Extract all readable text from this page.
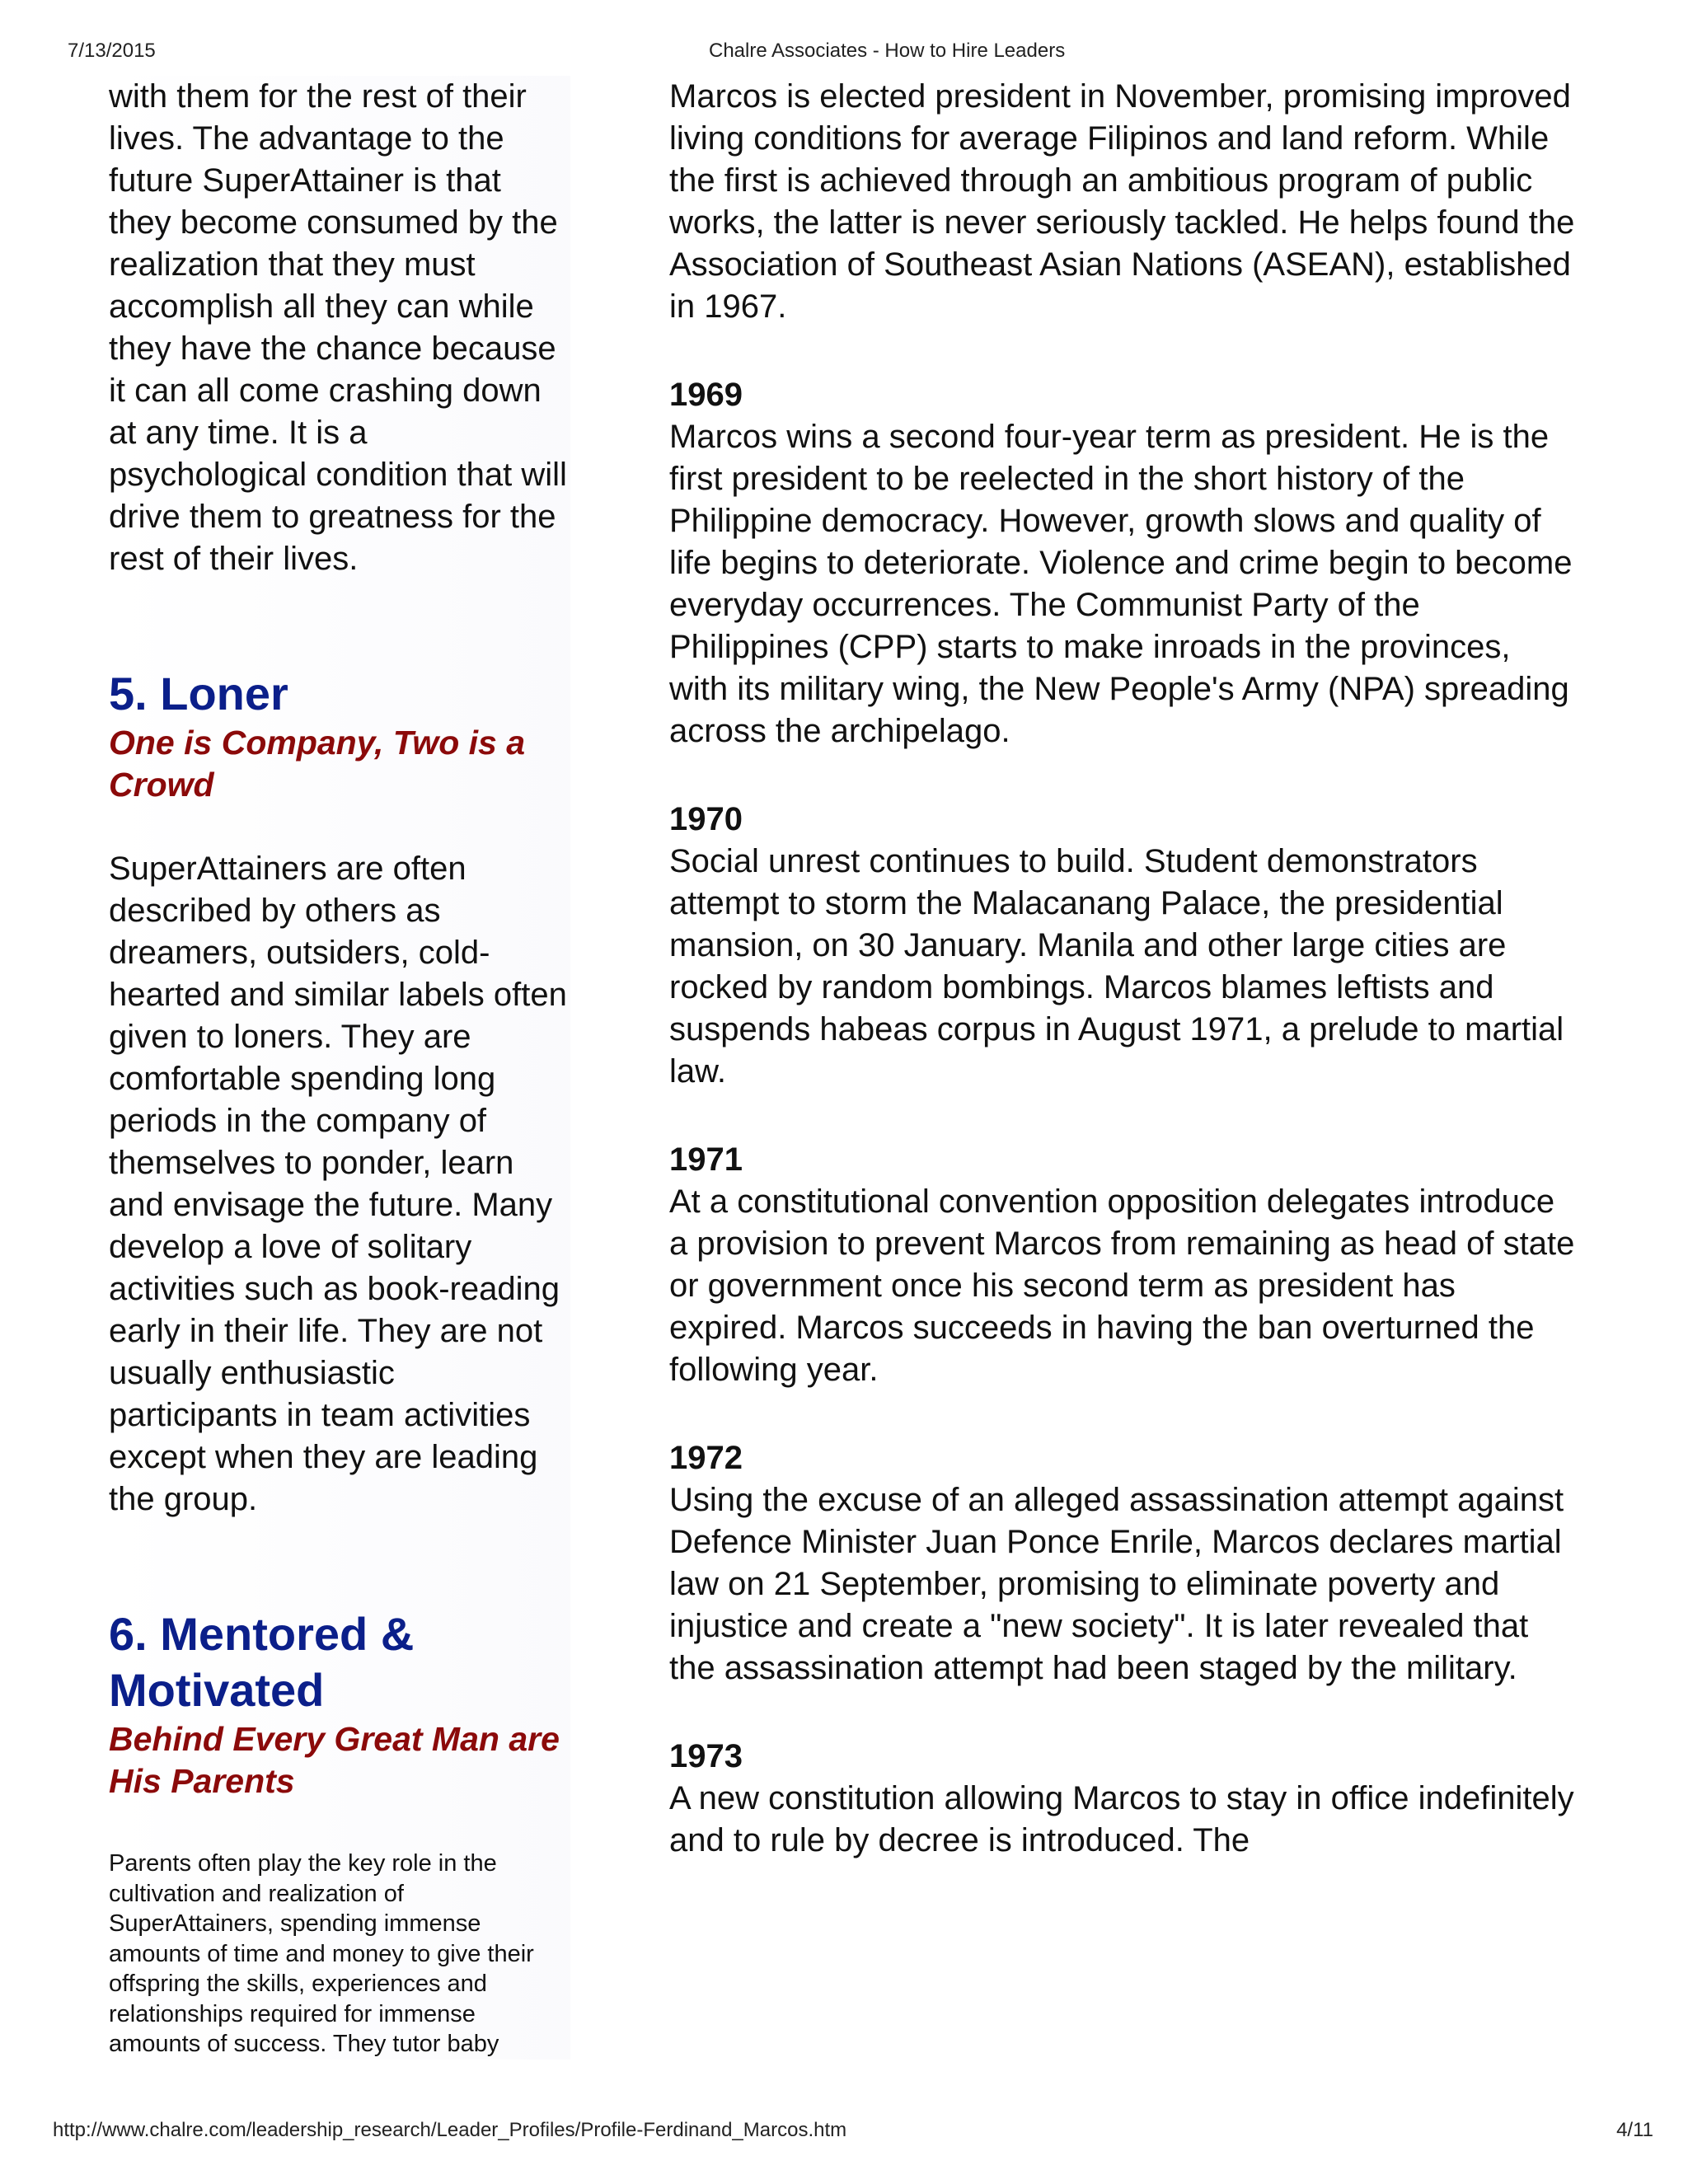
7/13/2015	Chalre Associates - How to Hire Leaders

with them for the rest of their lives. The advantage to the future SuperAttainer is that they become consumed by the realization that they must accomplish all they can while they have the chance because it can all come crashing down at any time. It is a psychological condition that will drive them to greatness for the rest of their lives.

5. Loner

One is Company, Two is a Crowd

SuperAttainers are often described by others as dreamers, outsiders, cold-hearted and similar labels often given to loners. They are comfortable spending long periods in the company of themselves to ponder, learn and envisage the future. Many develop a love of solitary activities such as book-reading early in their life. They are not usually enthusiastic participants in team activities except when they are leading the group.

6. Mentored & Motivated

Behind Every Great Man are His Parents

Parents often play the key role in the cultivation and realization of SuperAttainers, spending immense amounts of time and money to give their offspring the skills, experiences and relationships required for immense amounts of success. They tutor baby

Marcos is elected president in November, promising improved living conditions for average Filipinos and land reform. While the first is achieved through an ambitious program of public works, the latter is never seriously tackled. He helps found the Association of Southeast Asian Nations (ASEAN), established in 1967.

1969

Marcos wins a second four-year term as president. He is the first president to be reelected in the short history of the Philippine democracy. However, growth slows and quality of life begins to deteriorate. Violence and crime begin to become everyday occurrences. The Communist Party of the Philippines (CPP) starts to make inroads in the provinces, with its military wing, the New People's Army (NPA) spreading across the archipelago.

1970

Social unrest continues to build. Student demonstrators attempt to storm the Malacanang Palace, the presidential mansion, on 30 January. Manila and other large cities are rocked by random bombings. Marcos blames leftists and suspends habeas corpus in August 1971, a prelude to martial law.

1971

At a constitutional convention opposition delegates introduce a provision to prevent Marcos from remaining as head of state or government once his second term as president has expired. Marcos succeeds in having the ban overturned the following year.

1972

Using the excuse of an alleged assassination attempt against Defence Minister Juan Ponce Enrile, Marcos declares martial law on 21 September, promising to eliminate poverty and injustice and create a "new society". It is later revealed that the assassination attempt had been staged by the military.

1973

A new constitution allowing Marcos to stay in office indefinitely and to rule by decree is introduced. The

http://www.chalre.com/leadership_research/Leader_Profiles/Profile-Ferdinand_Marcos.htm	4/11
